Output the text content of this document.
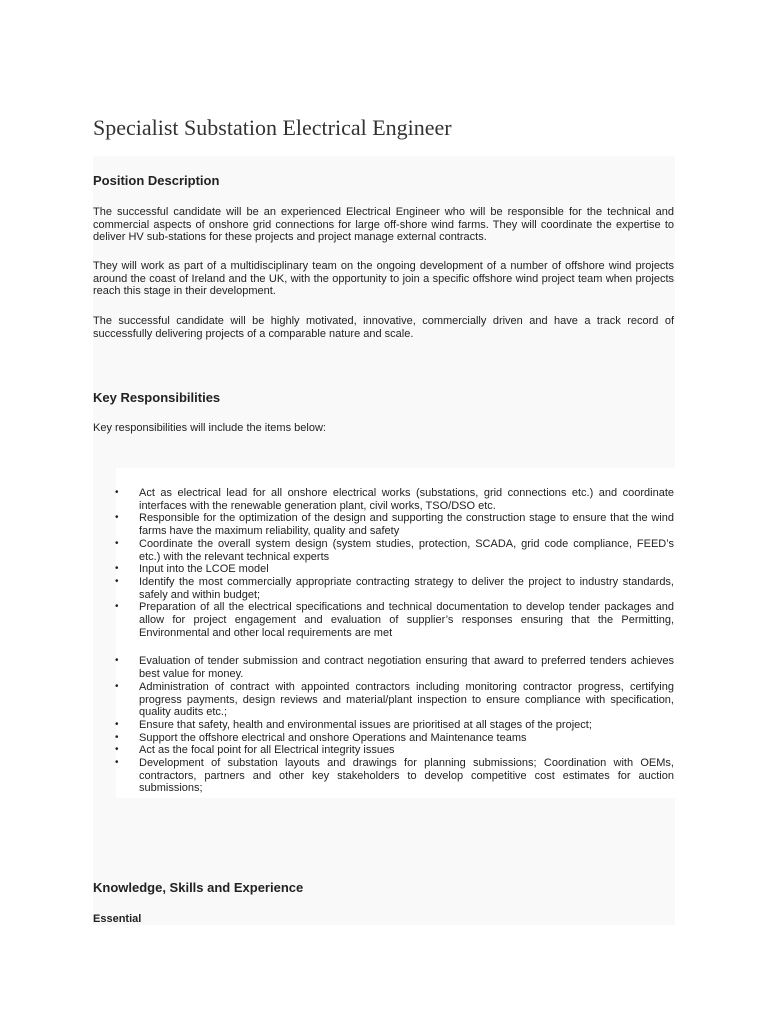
Specialist Substation Electrical Engineer
Position Description

The successful candidate will be an experienced Electrical Engineer who will be responsible for the technical and commercial aspects of onshore grid connections for large off-shore wind farms. They will coordinate the expertise to deliver HV sub-stations for these projects and project manage external contracts.

They will work as part of a multidisciplinary team on the ongoing development of a number of offshore wind projects around the coast of Ireland and the UK, with the opportunity to join a specific offshore wind project team when projects reach this stage in their development.

The successful candidate will be highly motivated, innovative, commercially driven and have a track record of successfully delivering projects of a comparable nature and scale.

Key Responsibilities

Key responsibilities will include the items below:

• Act as electrical lead for all onshore electrical works (substations, grid connections etc.) and coordinate interfaces with the renewable generation plant, civil works, TSO/DSO etc.
• Responsible for the optimization of the design and supporting the construction stage to ensure that the wind farms have the maximum reliability, quality and safety
• Coordinate the overall system design (system studies, protection, SCADA, grid code compliance, FEED’s etc.) with the relevant technical experts
• Input into the LCOE model
• Identify the most commercially appropriate contracting strategy to deliver the project to industry standards, safely and within budget;
• Preparation of all the electrical specifications and technical documentation to develop tender packages and allow for project engagement and evaluation of supplier’s responses ensuring that the Permitting, Environmental and other local requirements are met
• Evaluation of tender submission and contract negotiation ensuring that award to preferred tenders achieves best value for money.
• Administration of contract with appointed contractors including monitoring contractor progress, certifying progress payments, design reviews and material/plant inspection to ensure compliance with specification, quality audits etc.;
• Ensure that safety, health and environmental issues are prioritised at all stages of the project;
• Support the offshore electrical and onshore Operations and Maintenance teams
• Act as the focal point for all Electrical integrity issues
• Development of substation layouts and drawings for planning submissions; Coordination with OEMs, contractors, partners and other key stakeholders to develop competitive cost estimates for auction submissions;
Knowledge, Skills and Experience
Essential
